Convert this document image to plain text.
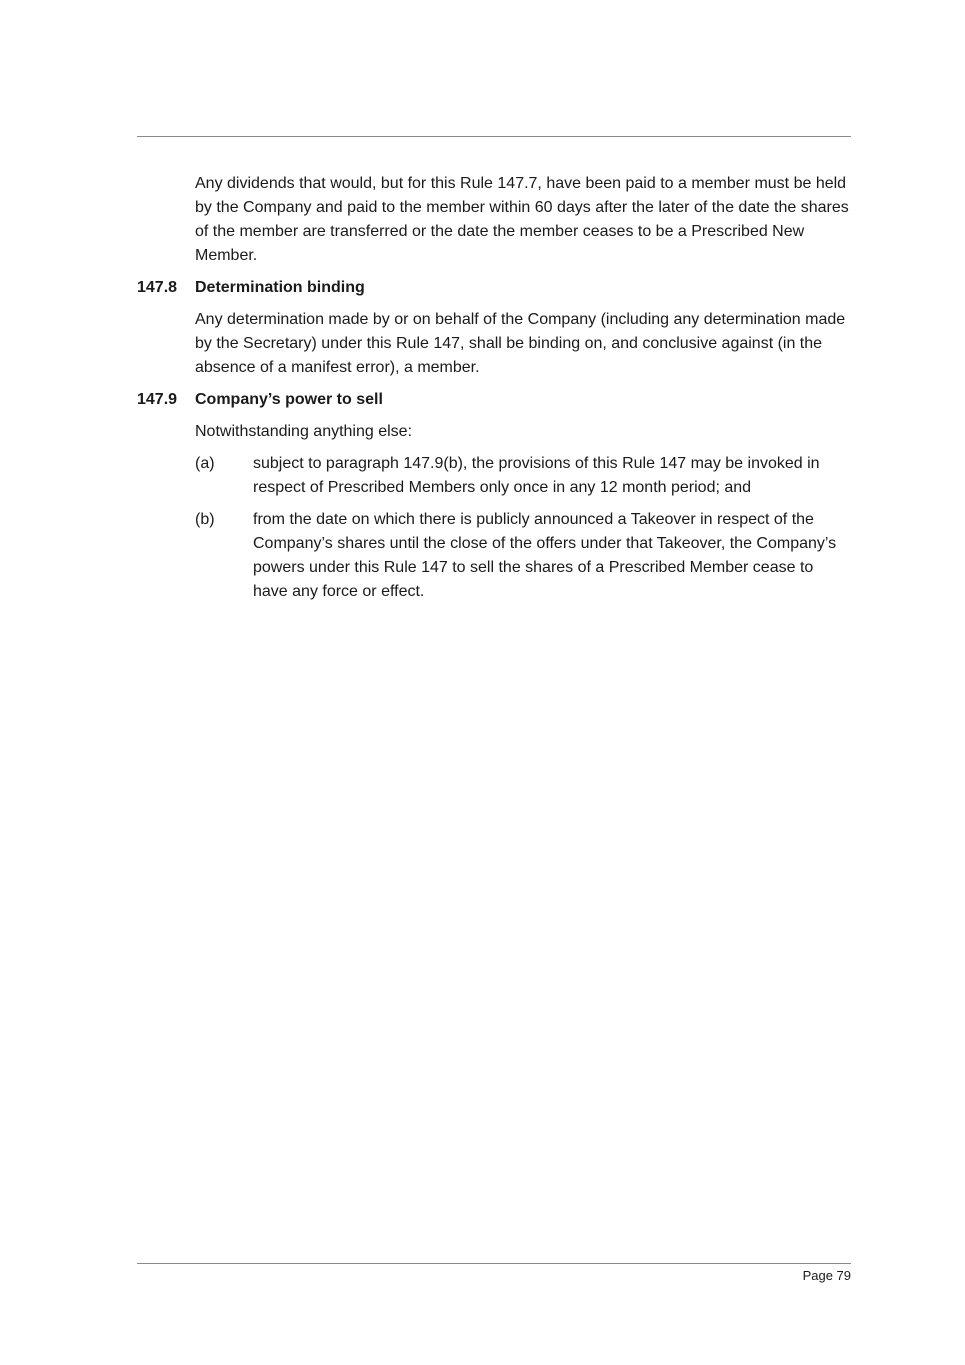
Any dividends that would, but for this Rule 147.7, have been paid to a member must be held by the Company and paid to the member within 60 days after the later of the date the shares of the member are transferred or the date the member ceases to be a Prescribed New Member.

147.8	Determination binding

Any determination made by or on behalf of the Company (including any determination made by the Secretary) under this Rule 147, shall be binding on, and conclusive against (in the absence of a manifest error), a member.

147.9	Company’s power to sell

Notwithstanding anything else:

(a)	subject to paragraph 147.9(b), the provisions of this Rule 147 may be invoked in respect of Prescribed Members only once in any 12 month period; and
(b)	from the date on which there is publicly announced a Takeover in respect of the Company’s shares until the close of the offers under that Takeover, the Company’s powers under this Rule 147 to sell the shares of a Prescribed Member cease to have any force or effect.
Page 79
